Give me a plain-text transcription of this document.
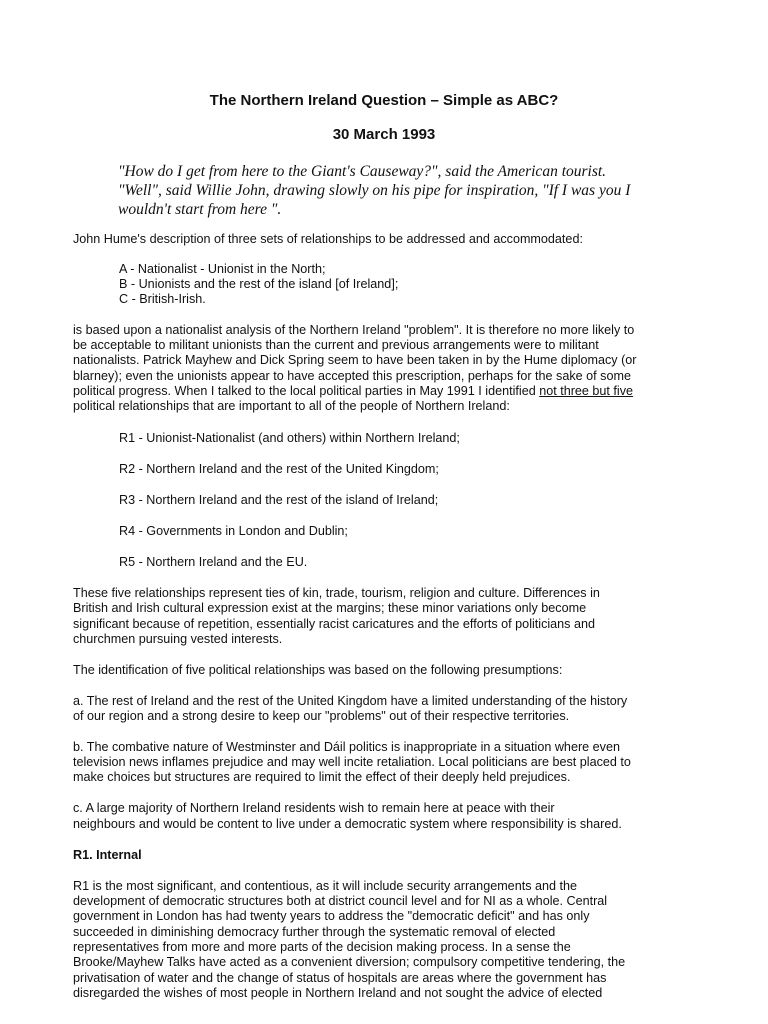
The Northern Ireland Question – Simple as ABC?
30 March 1993
"How do I get from here to the Giant's Causeway?", said the American tourist.
"Well", said Willie John, drawing slowly on his pipe for inspiration, "If I was you I
wouldn't start from here ".
John Hume's description of three sets of relationships to be addressed and accommodated:
A - Nationalist - Unionist in the North;
B - Unionists and the rest of the island [of Ireland];
C - British-Irish.
is based upon a nationalist analysis of the Northern Ireland "problem". It is therefore no more likely to
be acceptable to militant unionists than the current and previous arrangements were to militant
nationalists. Patrick Mayhew and Dick Spring seem to have been taken in by the Hume diplomacy (or
blarney); even the unionists appear to have accepted this prescription, perhaps for the sake of some
political progress. When I talked to the local political parties in May 1991 I identified not three but five
political relationships that are important to all of the people of Northern Ireland:
R1 - Unionist-Nationalist (and others) within Northern Ireland;
R2 - Northern Ireland and the rest of the United Kingdom;
R3 - Northern Ireland and the rest of the island of Ireland;
R4 - Governments in London and Dublin;
R5 - Northern Ireland and the EU.
These five relationships represent ties of kin, trade, tourism, religion and culture. Differences in
British and Irish cultural expression exist at the margins; these minor variations only become
significant because of repetition, essentially racist caricatures and the efforts of politicians and
churchmen pursuing vested interests.
The identification of five political relationships was based on the following presumptions:
a. The rest of Ireland and the rest of the United Kingdom have a limited understanding of the history
of our region and a strong desire to keep our "problems" out of their respective territories.
b. The combative nature of Westminster and Dáil politics is inappropriate in a situation where even
television news inflames prejudice and may well incite retaliation. Local politicians are best placed to
make choices but structures are required to limit the effect of their deeply held prejudices.
c. A large majority of Northern Ireland residents wish to remain here at peace with their
neighbours and would be content to live under a democratic system where responsibility is shared.
R1. Internal
R1 is the most significant, and contentious, as it will include security arrangements and the
development of democratic structures both at district council level and for NI as a whole. Central
government in London has had twenty years to address the "democratic deficit" and has only
succeeded in diminishing democracy further through the systematic removal of elected
representatives from more and more parts of the decision making process. In a sense the
Brooke/Mayhew Talks have acted as a convenient diversion; compulsory competitive tendering, the
privatisation of water and the change of status of hospitals are areas where the government has
disregarded the wishes of most people in Northern Ireland and not sought the advice of elected
